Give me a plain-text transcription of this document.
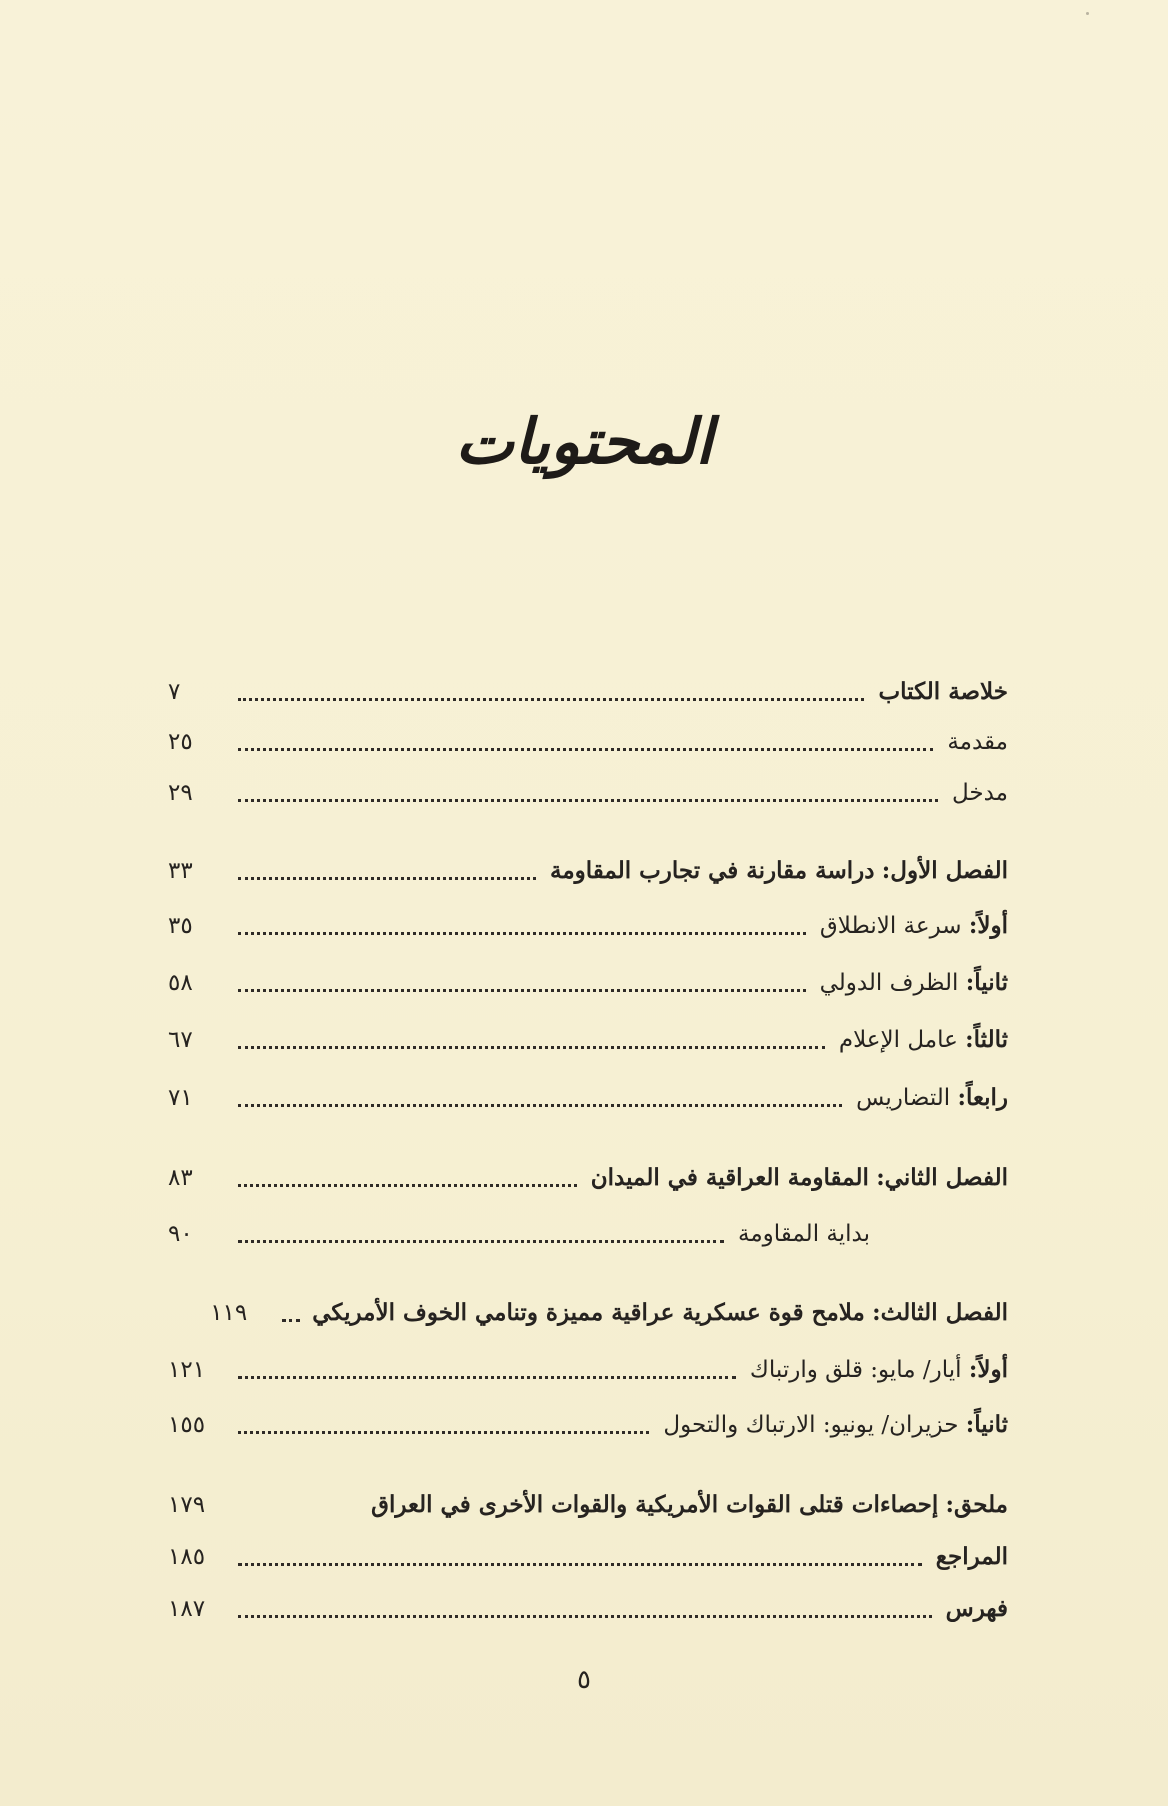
المحتويات
خلاصة الكتاب
٧
مقدمة
٢٥
مدخل
٢٩
الفصل الأول:

دراسة مقارنة في تجارب المقاومة
٣٣
أولاً:

سرعة الانطلاق
٣٥
ثانياً:

الظرف الدولي
٥٨
ثالثاً:

عامل الإعلام
٦٧
رابعاً:

التضاريس
٧١
الفصل الثاني:

المقاومة العراقية في الميدان
٨٣
بداية المقاومة
٩٠
الفصل الثالث:

ملامح قوة عسكرية عراقية مميزة وتنامي الخوف الأمريكي
١١٩
أولاً:

أيار/ مايو: قلق وارتباك
١٢١
ثانياً:

حزيران/ يونيو: الارتباك والتحول
١٥٥
ملحق:

إحصاءات قتلى القوات الأمريكية والقوات الأخرى في العراق
١٧٩
المراجع
١٨٥
فهرس
١٨٧
٥
